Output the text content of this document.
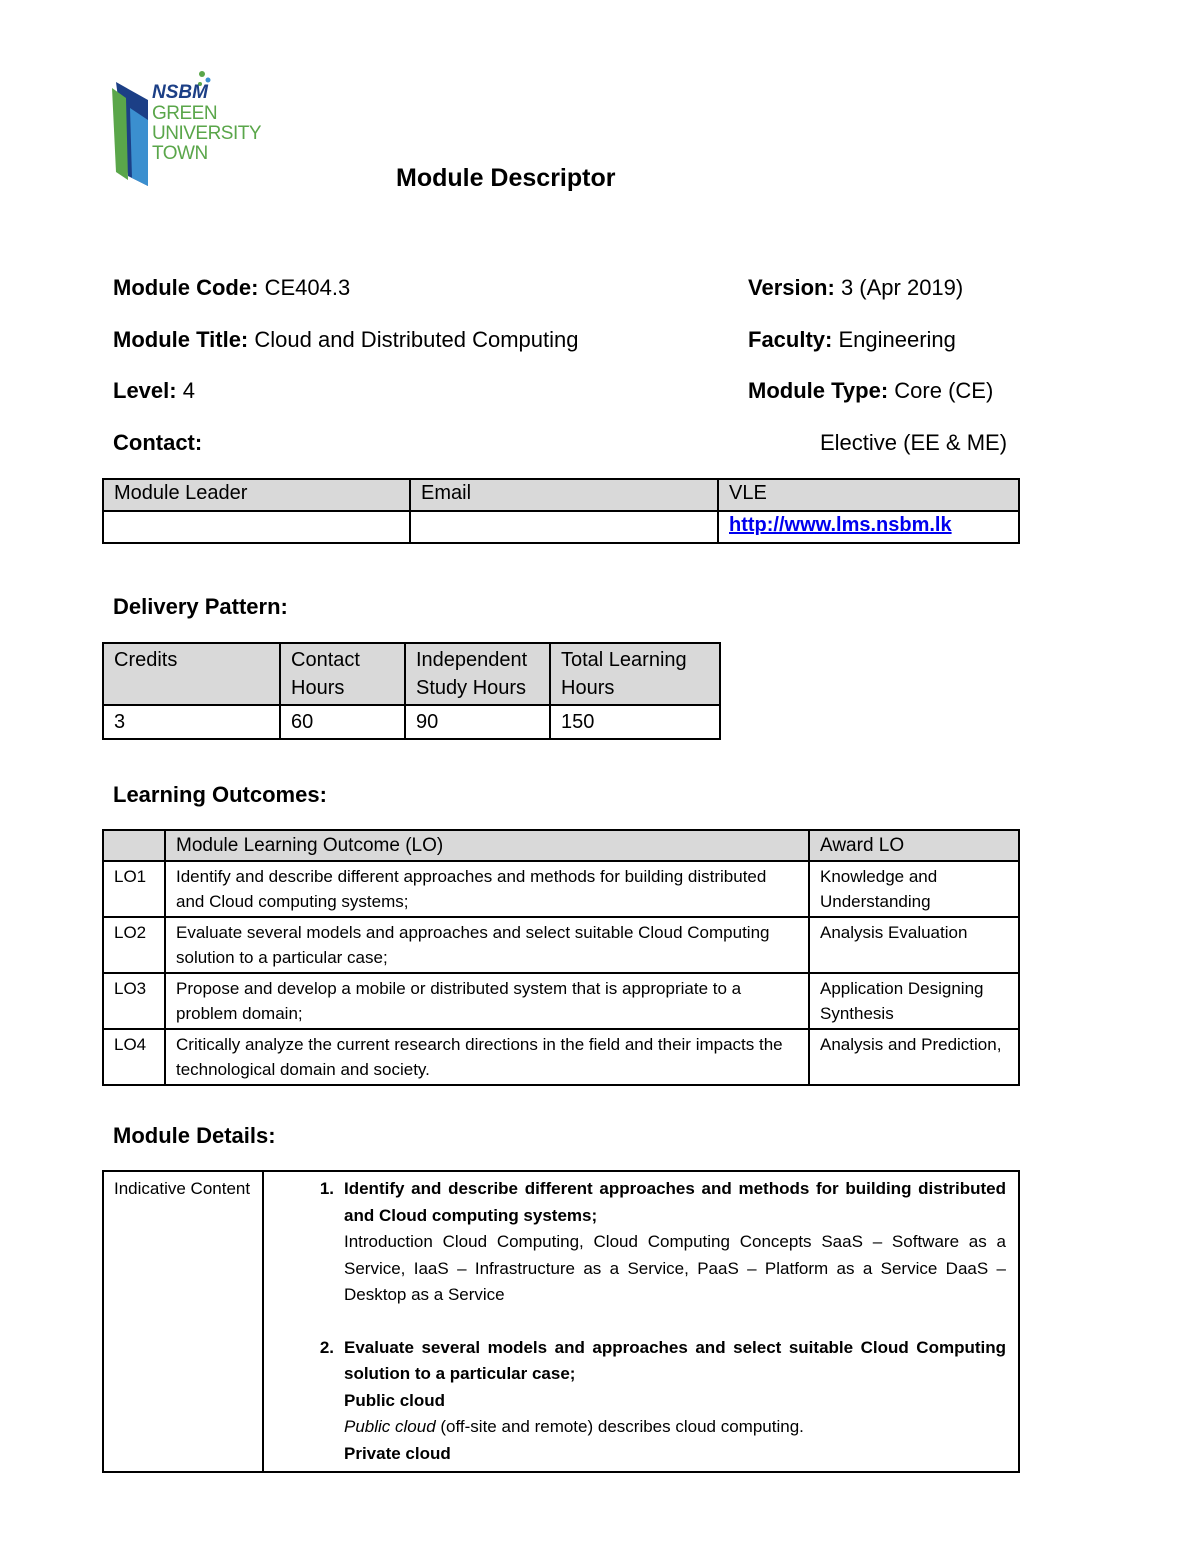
NSBM
GREEN
UNIVERSITY
TOWN
Module Descriptor
Module Code: CE404.3	Version: 3 (Apr 2019)
Module Title: Cloud and Distributed Computing	Faculty: Engineering
Level: 4	Module Type: Core (CE)
Contact:	Elective (EE & ME)
Module Leader	Email	VLE
		http://www.lms.nsbm.lk
Delivery Pattern:
Credits	Contact Hours	Independent Study Hours	Total Learning Hours
3	60	90	150
Learning Outcomes:
	Module Learning Outcome (LO)	Award LO
LO1	Identify and describe different approaches and methods for building distributed and Cloud computing systems;	Knowledge and Understanding
LO2	Evaluate several models and approaches and select suitable Cloud Computing solution to a particular case;	Analysis Evaluation
LO3	Propose and develop a mobile or distributed system that is appropriate to a problem domain;	Application Designing Synthesis
LO4	Critically analyze the current research directions in the field and their impacts the technological domain and society.	Analysis and Prediction,
Module Details:
Indicative Content	1. Identify and describe different approaches and methods for building distributed and Cloud computing systems;
Introduction Cloud Computing, Cloud Computing Concepts SaaS – Software as a Service, IaaS – Infrastructure as a Service, PaaS – Platform as a Service DaaS – Desktop as a Service
2. Evaluate several models and approaches and select suitable Cloud Computing solution to a particular case;
Public cloud
Public cloud (off-site and remote) describes cloud computing.
Private cloud
